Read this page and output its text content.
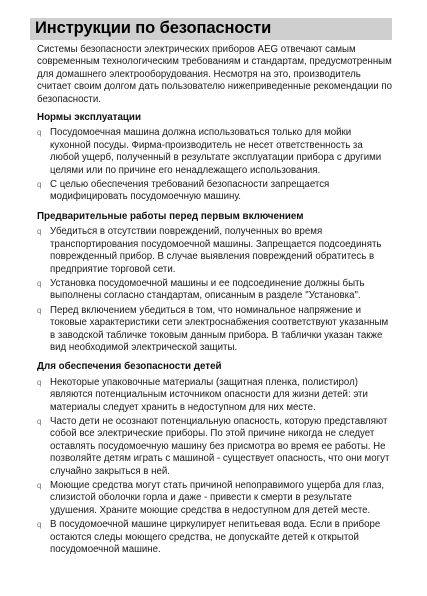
Инструкции по безопасности

Системы безопасности электрических приборов AEG отвечают самым современным технологическим требованиям и стандартам, предусмотренным для домашнего электрооборудования. Несмотря на это, производитель считает своим долгом дать пользователю нижеприведенные рекомендации по безопасности.

Нормы эксплуатации
q Посудомоечная машина должна использоваться только для мойки кухонной посуды. Фирма-производитель не несет ответственность за любой ущерб, полученный в результате эксплуатации прибора с другими целями или по причине его ненадлежащего использования.
q С целью обеспечения требований безопасности запрещается модифицировать посудомоечную машину.
Предварительные работы перед первым включением
q Убедиться в отсутствии повреждений, полученных во время транспортирования посудомоечной машины. Запрещается подсоединять поврежденный прибор. В случае выявления повреждений обратитесь в предприятие торговой сети.
q Установка посудомоечной машины и ее подсоединение должны быть выполнены согласно стандартам, описанным в разделе "Установка".
q Перед включением убедиться в том, что номинальное напряжение и токовые характеристики сети электроснабжения соответствуют указанным в заводской табличке токовым данным прибора. В таблички указан также вид необходимой электрической защиты.
Для обеспечения безопасности детей
q Некоторые упаковочные материалы (защитная пленка, полистирол) являются потенциальным источником опасности для жизни детей: эти материалы следует хранить в недоступном для них месте.
q Часто дети не осознают потенциальную опасность, которую представляют собой все электрические приборы. По этой причине никогда не следует оставлять посудомоечную машину без присмотра во время ее работы. Не позволяйте детям играть с машиной - существует опасность, что они могут случайно закрыться в ней.
q Моющие средства могут стать причиной непоправимого ущерба для глаз, слизистой оболочки горла и даже - привести к смерти в результате удушения. Храните моющие средства в недоступном для детей месте.
q В посудомоечной машине циркулирует непитьевая вода. Если в приборе остаются следы моющего средства, не допускайте детей к открытой посудомоечной машине.
